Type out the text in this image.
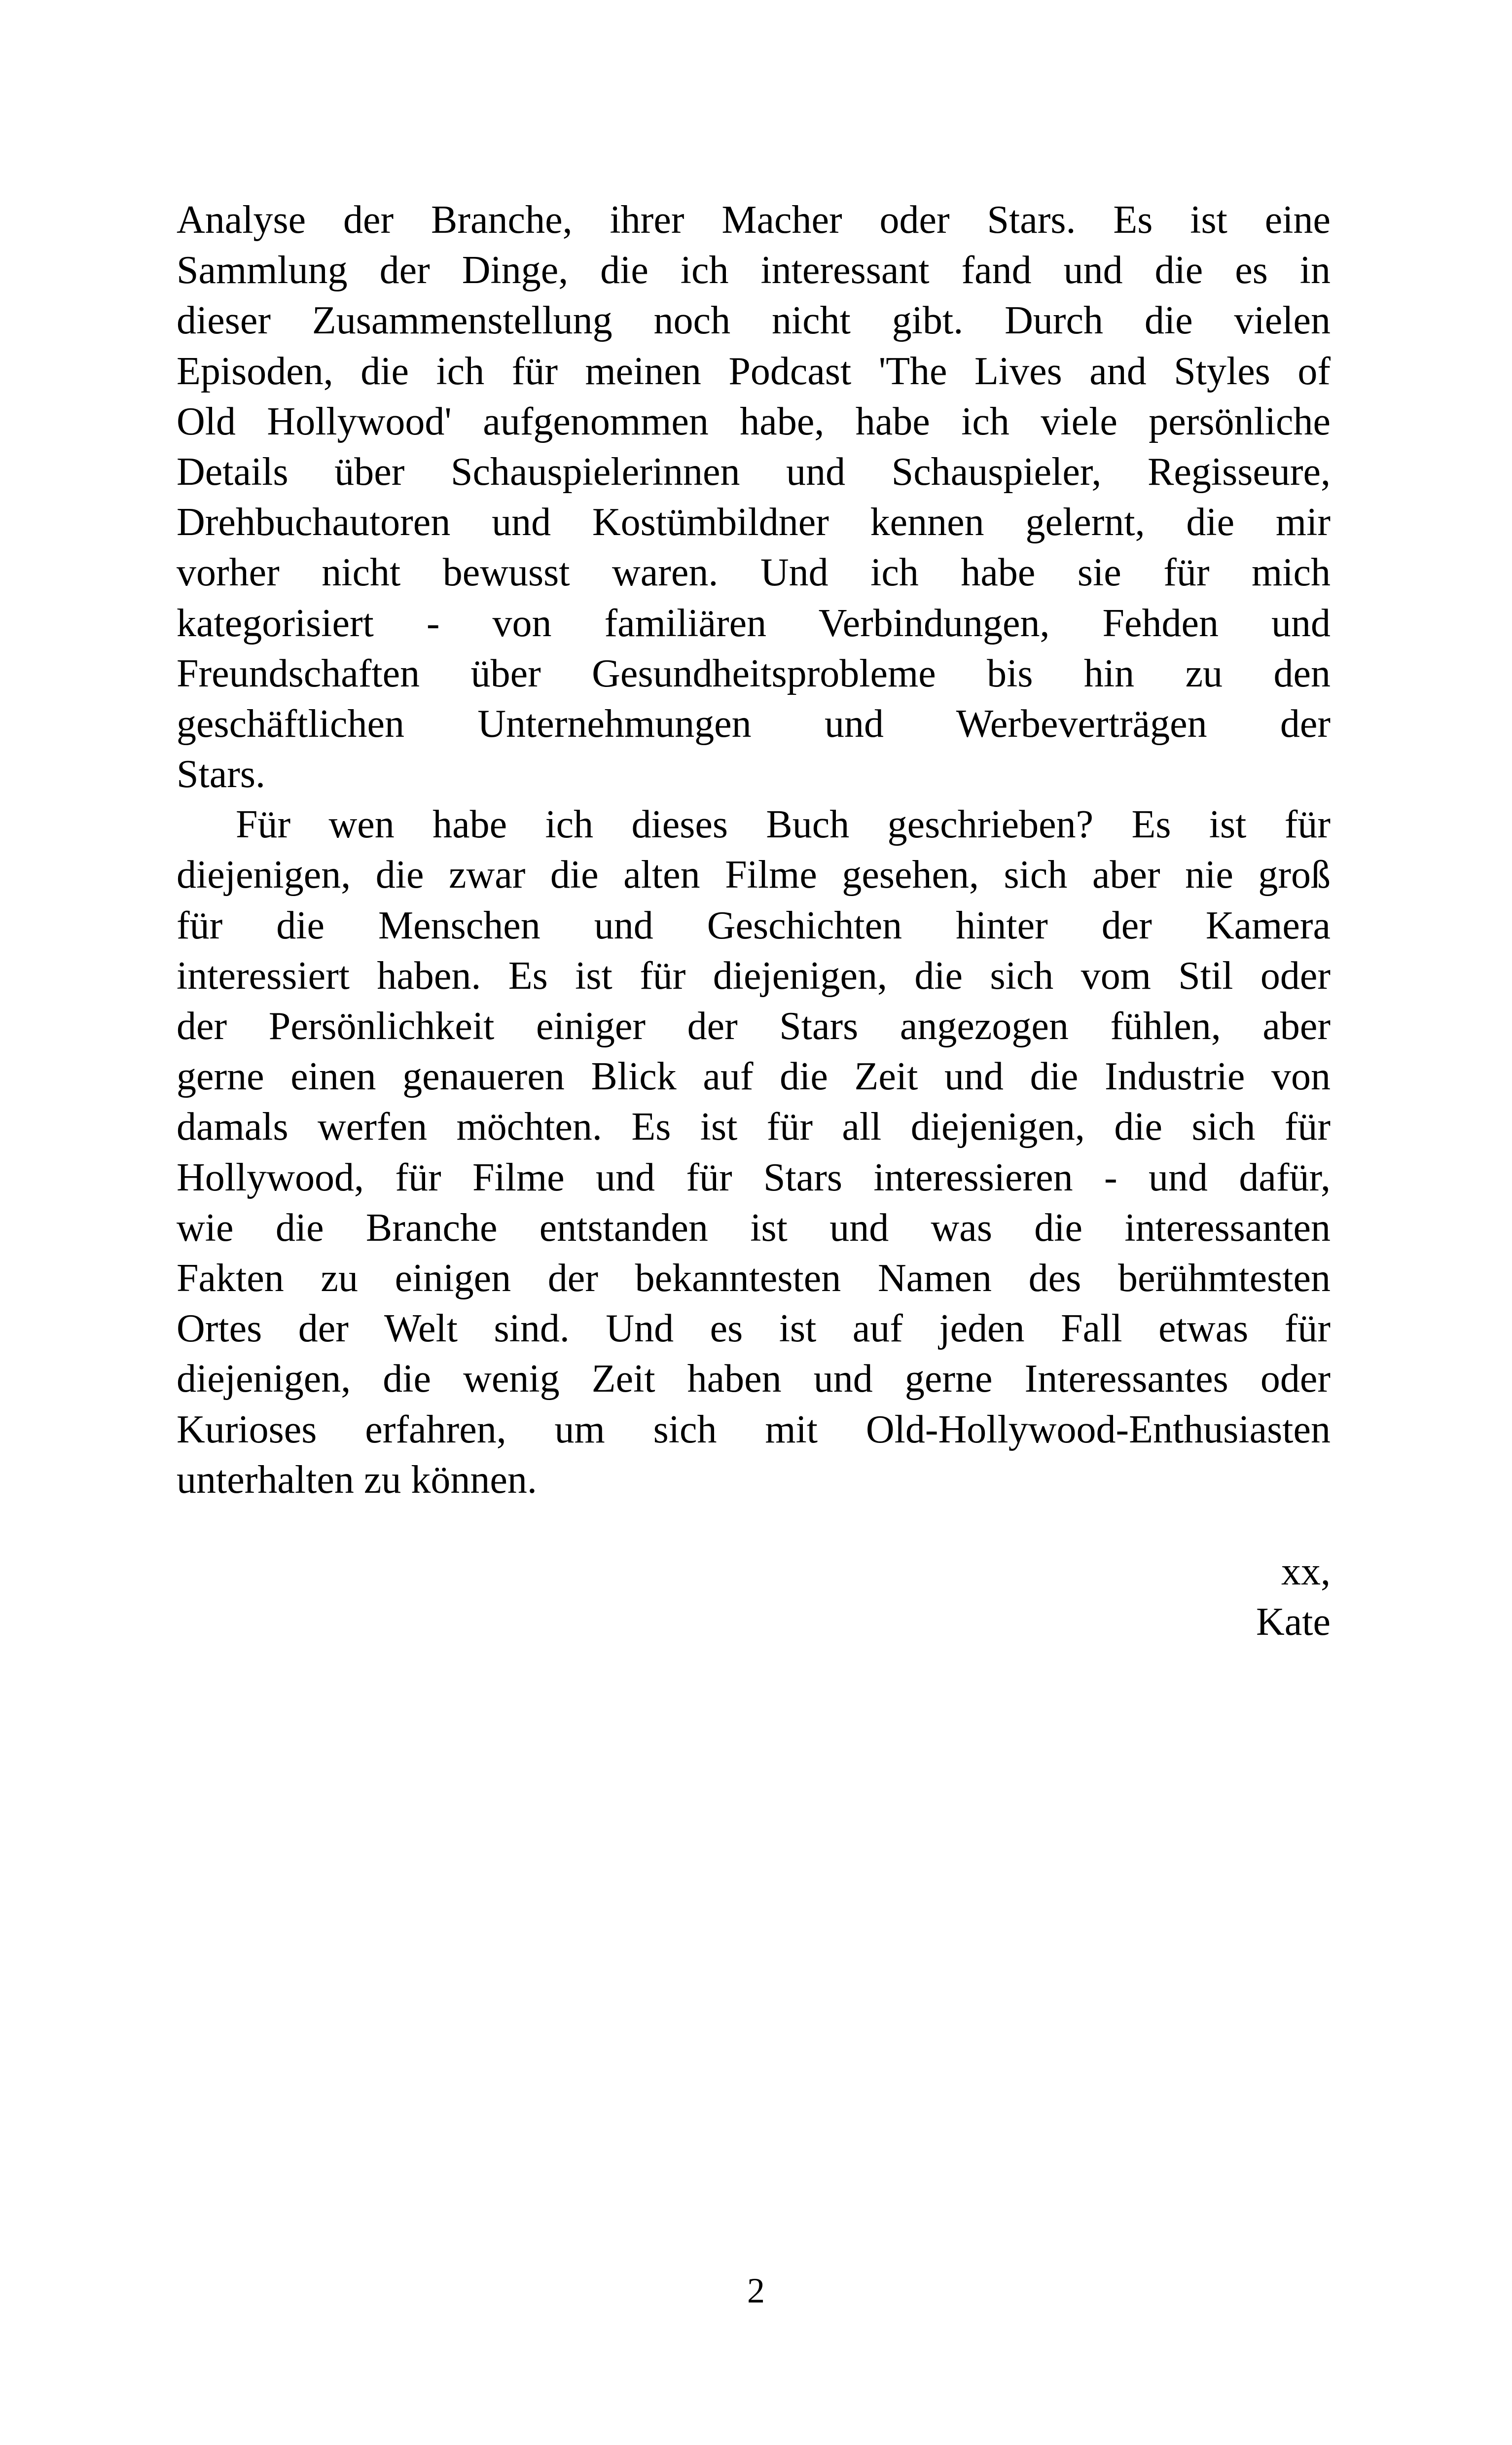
Analyse der Branche, ihrer Macher oder Stars. Es ist eine
Sammlung der Dinge, die ich interessant fand und die es in
dieser Zusammenstellung noch nicht gibt. Durch die vielen
Episoden, die ich für meinen Podcast 'The Lives and Styles of
Old Hollywood' aufgenommen habe, habe ich viele persönliche
Details über Schauspielerinnen und Schauspieler, Regisseure,
Drehbuchautoren und Kostümbildner kennen gelernt, die mir
vorher nicht bewusst waren. Und ich habe sie für mich
kategorisiert - von familiären Verbindungen, Fehden und
Freundschaften über Gesundheitsprobleme bis hin zu den
geschäftlichen Unternehmungen und Werbeverträgen der
Stars.
Für wen habe ich dieses Buch geschrieben? Es ist für
diejenigen, die zwar die alten Filme gesehen, sich aber nie groß
für die Menschen und Geschichten hinter der Kamera
interessiert haben. Es ist für diejenigen, die sich vom Stil oder
der Persönlichkeit einiger der Stars angezogen fühlen, aber
gerne einen genaueren Blick auf die Zeit und die Industrie von
damals werfen möchten. Es ist für all diejenigen, die sich für
Hollywood, für Filme und für Stars interessieren - und dafür,
wie die Branche entstanden ist und was die interessanten
Fakten zu einigen der bekanntesten Namen des berühmtesten
Ortes der Welt sind. Und es ist auf jeden Fall etwas für
diejenigen, die wenig Zeit haben und gerne Interessantes oder
Kurioses erfahren, um sich mit Old-Hollywood-Enthusiasten
unterhalten zu können.
xx,
Kate
2
